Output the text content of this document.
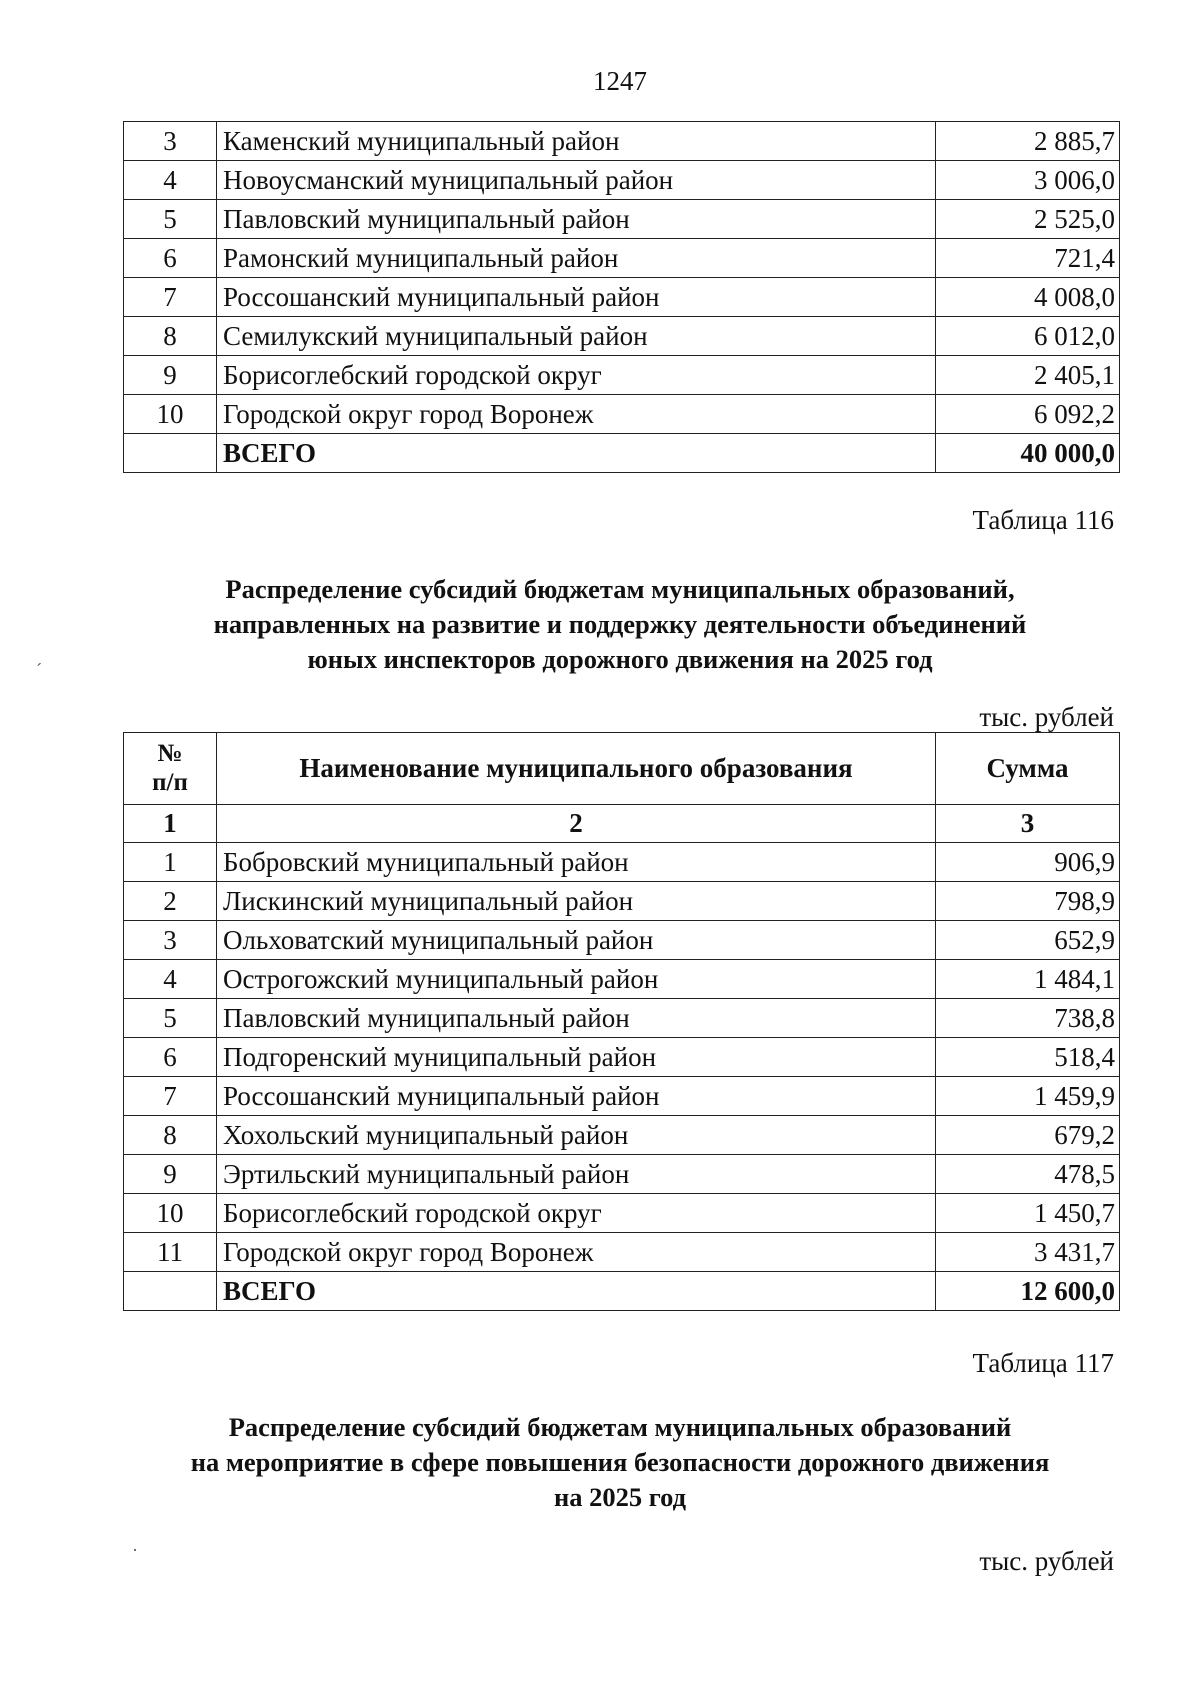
1247
3	Каменский муниципальный район	2 885,7
4	Новоусманский муниципальный район	3 006,0
5	Павловский муниципальный район	2 525,0
6	Рамонский муниципальный район	721,4
7	Россошанский муниципальный район	4 008,0
8	Семилукский муниципальный район	6 012,0
9	Борисоглебский городской округ	2 405,1
10	Городской округ город Воронеж	6 092,2
	ВСЕГО	40 000,0
Таблица 116
Распределение субсидий бюджетам муниципальных образований,
направленных на развитие и поддержку деятельности объединений
юных инспекторов дорожного движения на 2025 год
тыс. рублей
№
п/п	Наименование муниципального образования	Сумма
1	2	3
1	Бобровский муниципальный район	906,9
2	Лискинский муниципальный район	798,9
3	Ольховатский муниципальный район	652,9
4	Острогожский муниципальный район	1 484,1
5	Павловский муниципальный район	738,8
6	Подгоренский муниципальный район	518,4
7	Россошанский муниципальный район	1 459,9
8	Хохольский муниципальный район	679,2
9	Эртильский муниципальный район	478,5
10	Борисоглебский городской округ	1 450,7
11	Городской округ город Воронеж	3 431,7
	ВСЕГО	12 600,0
Таблица 117
Распределение субсидий бюджетам муниципальных образований
на мероприятие в сфере повышения безопасности дорожного движения
на 2025 год
тыс. рублей
´
·
